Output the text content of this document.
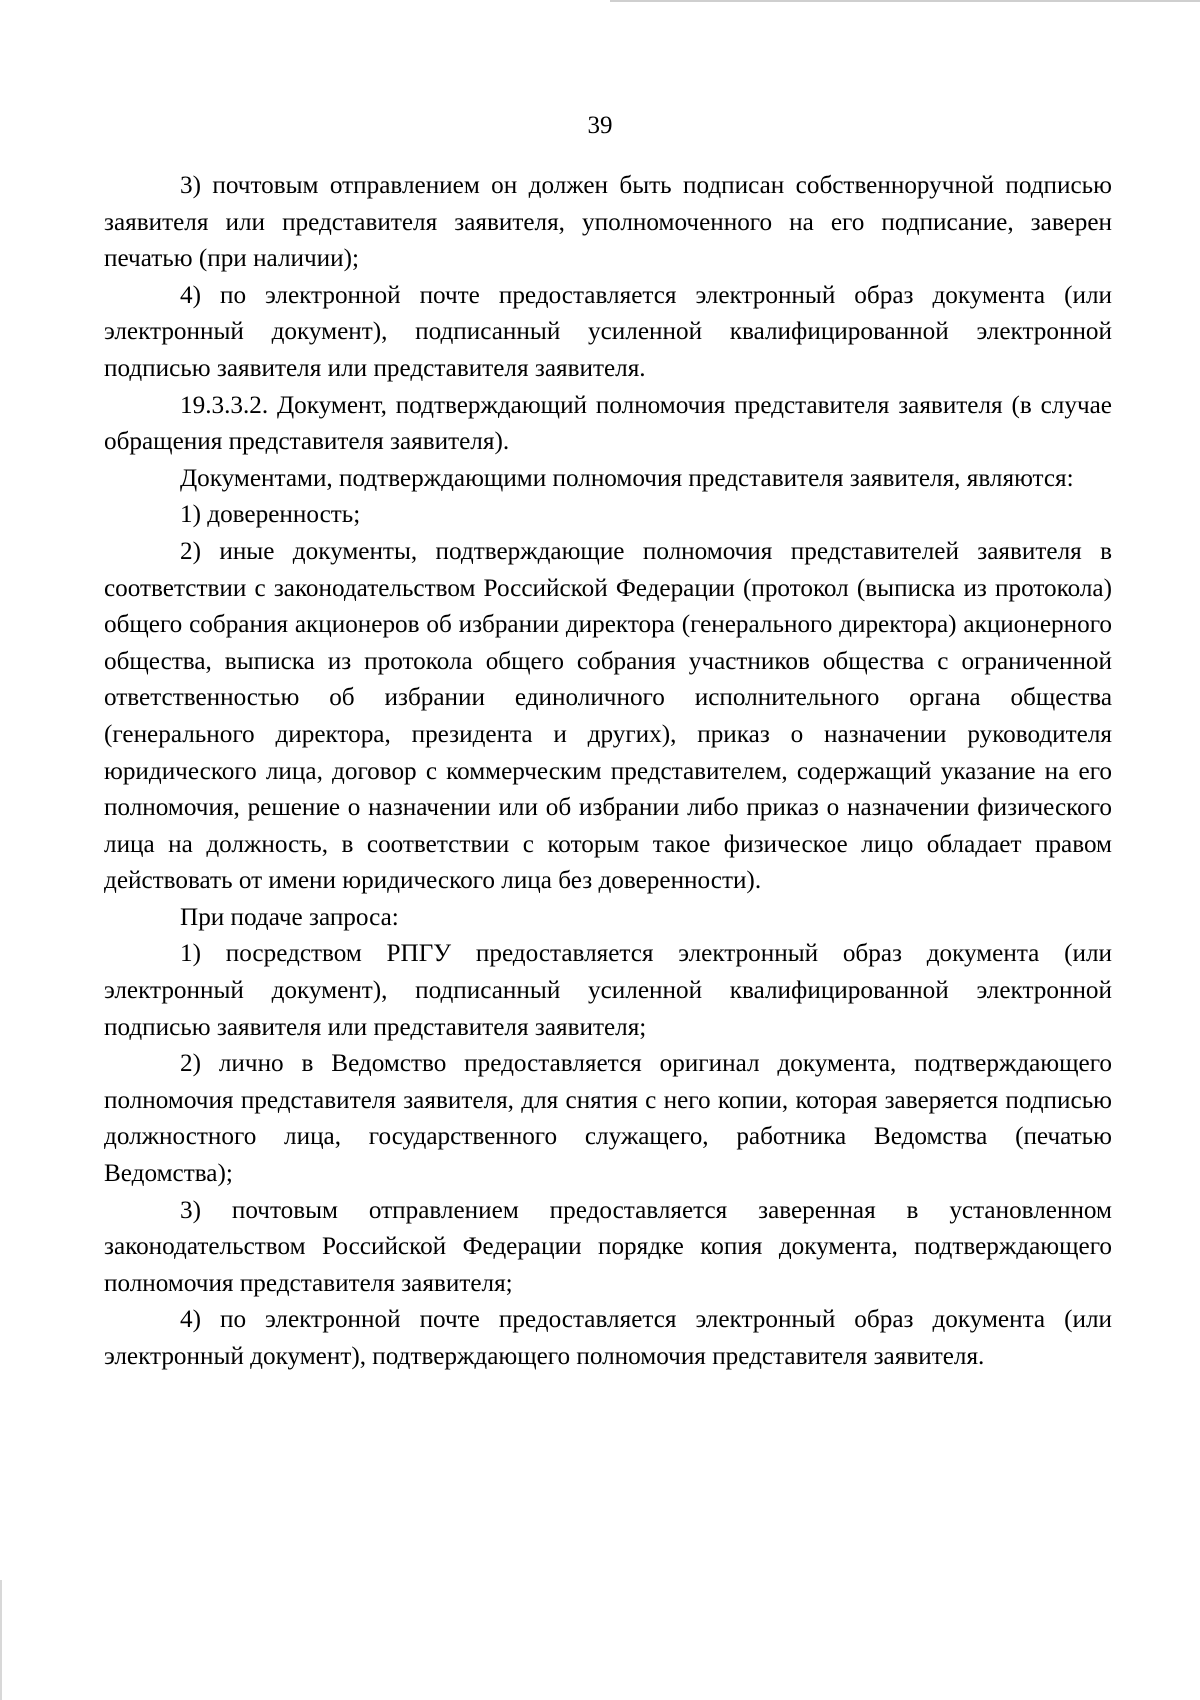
39

3) почтовым отправлением он должен быть подписан собственноручной подписью заявителя или представителя заявителя, уполномоченного на его подписание, заверен печатью (при наличии);

4) по электронной почте предоставляется электронный образ документа (или электронный документ), подписанный усиленной квалифицированной электронной подписью заявителя или представителя заявителя.

19.3.3.2. Документ, подтверждающий полномочия представителя заявителя (в случае обращения представителя заявителя).

Документами, подтверждающими полномочия представителя заявителя, являются:

1) доверенность;

2) иные документы, подтверждающие полномочия представителей заявителя в соответствии с законодательством Российской Федерации (протокол (выписка из протокола) общего собрания акционеров об избрании директора (генерального директора) акционерного общества, выписка из протокола общего собрания участников общества с ограниченной ответственностью об избрании единоличного исполнительного органа общества (генерального директора, президента и других), приказ о назначении руководителя юридического лица, договор с коммерческим представителем, содержащий указание на его полномочия, решение о назначении или об избрании либо приказ о назначении физического лица на должность, в соответствии с которым такое физическое лицо обладает правом действовать от имени юридического лица без доверенности).

При подаче запроса:

1) посредством РПГУ предоставляется электронный образ документа (или электронный документ), подписанный усиленной квалифицированной электронной подписью заявителя или представителя заявителя;

2) лично в Ведомство предоставляется оригинал документа, подтверждающего полномочия представителя заявителя, для снятия с него копии, которая заверяется подписью должностного лица, государственного служащего, работника Ведомства (печатью Ведомства);

3) почтовым отправлением предоставляется заверенная в установленном законодательством Российской Федерации порядке копия документа, подтверждающего полномочия представителя заявителя;

4) по электронной почте предоставляется электронный образ документа (или электронный документ), подтверждающего полномочия представителя заявителя.
